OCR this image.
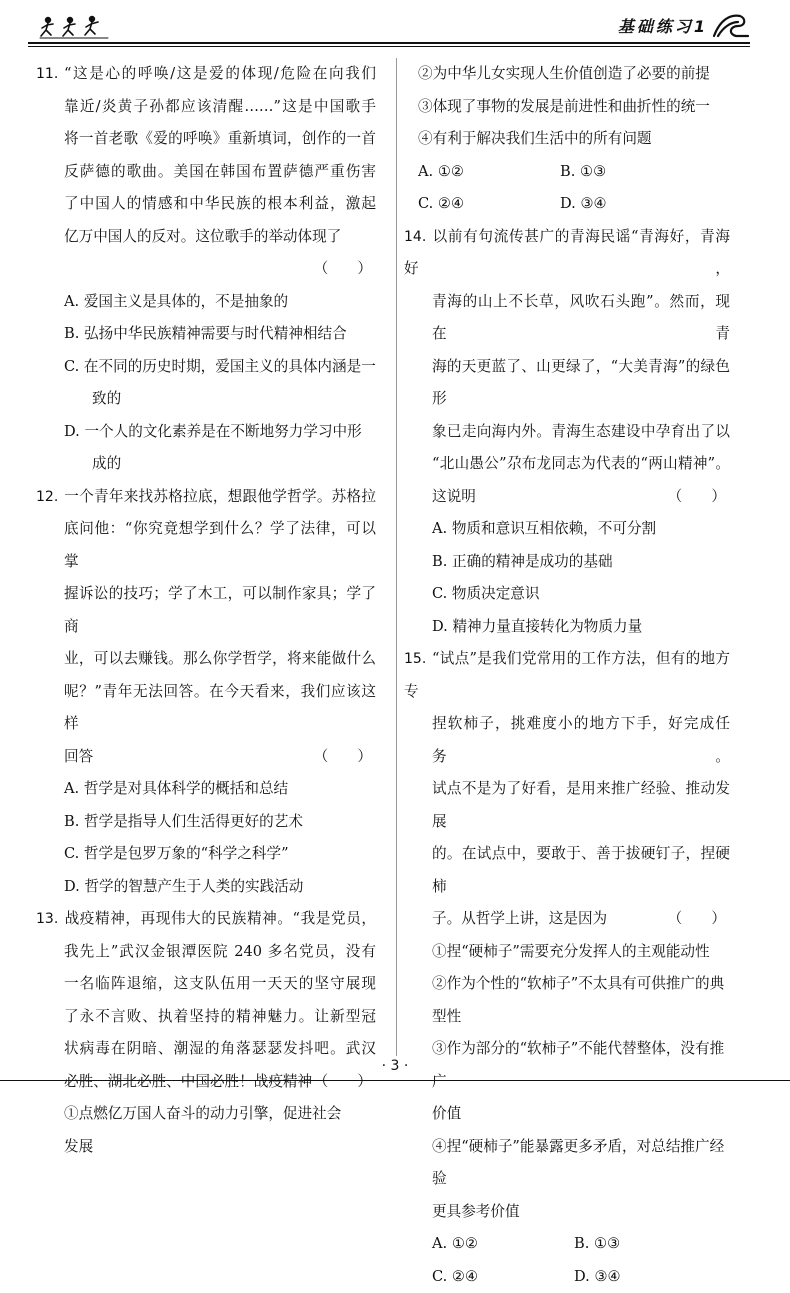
基础练习1
11. “这是心的呼唤/这是爱的体现/危险在向我们
靠近/炎黄子孙都应该清醒……”这是中国歌手
将一首老歌《爱的呼唤》重新填词，创作的一首
反萨德的歌曲。美国在韩国布置萨德严重伤害
了中国人的情感和中华民族的根本利益，激起
亿万中国人的反对。这位歌手的举动体现了
（　　）
A. 爱国主义是具体的，不是抽象的
B. 弘扬中华民族精神需要与时代精神相结合
C. 在不同的历史时期，爱国主义的具体内涵是一
致的
D. 一个人的文化素养是在不断地努力学习中形
成的
12. 一个青年来找苏格拉底，想跟他学哲学。苏格拉
底问他：“你究竟想学到什么？学了法律，可以掌
握诉讼的技巧；学了木工，可以制作家具；学了商
业，可以去赚钱。那么你学哲学，将来能做什么
呢？”青年无法回答。在今天看来，我们应该这样
回答	（　　）
A. 哲学是对具体科学的概括和总结
B. 哲学是指导人们生活得更好的艺术
C. 哲学是包罗万象的“科学之科学”
D. 哲学的智慧产生于人类的实践活动
13. 战疫精神，再现伟大的民族精神。“我是党员，
我先上”武汉金银潭医院 240 多名党员，没有
一名临阵退缩，这支队伍用一天天的坚守展现
了永不言败、执着坚持的精神魅力。让新型冠
状病毒在阴暗、潮湿的角落瑟瑟发抖吧。武汉
必胜、湖北必胜、中国必胜！战疫精神 （　　）
①点燃亿万国人奋斗的动力引擎，促进社会
发展
②为中华儿女实现人生价值创造了必要的前提
③体现了事物的发展是前进性和曲折性的统一
④有利于解决我们生活中的所有问题
A. ①②	B. ①③
C. ②④	D. ③④
14. 以前有句流传甚广的青海民谣“青海好，青海好，
青海的山上不长草，风吹石头跑”。然而，现在青
海的天更蓝了、山更绿了，“大美青海”的绿色形
象已走向海内外。青海生态建设中孕育出了以
“北山愚公”尕布龙同志为代表的“两山精神”。
这说明	（　　）
A. 物质和意识互相依赖，不可分割
B. 正确的精神是成功的基础
C. 物质决定意识
D. 精神力量直接转化为物质力量
15. “试点”是我们党常用的工作方法，但有的地方专
捏软柿子，挑难度小的地方下手，好完成任务。
试点不是为了好看，是用来推广经验、推动发展
的。在试点中，要敢于、善于拔硬钉子，捏硬柿
子。从哲学上讲，这是因为	（　　）
①捏“硬柿子”需要充分发挥人的主观能动性
②作为个性的“软柿子”不太具有可供推广的典
型性
③作为部分的“软柿子”不能代替整体，没有推广
价值
④捏“硬柿子”能暴露更多矛盾，对总结推广经验
更具参考价值
A. ①②	B. ①③
C. ②④	D. ③④
· 3 ·
